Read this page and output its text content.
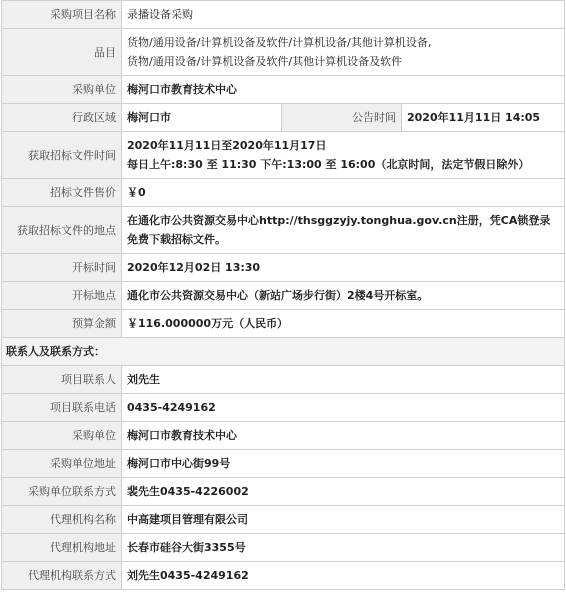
采购项目名称	录播设备采购		
品目	货物/通用设备/计算机设备及软件/计算机设备/其他计算机设备,
货物/通用设备/计算机设备及软件/其他计算机设备及软件		

采购单位	梅河口市教育技术中心		
行政区域	梅河口市	公告时间	2020年11月11日 14:05
获取招标文件时间	2020年11月11日至2020年11月17日
每日上午:8:30 至 11:30 下午:13:00 至 16:00（北京时间，法定节假日除外）		

招标文件售价	￥0		
获取招标文件的地点	在通化市公共资源交易中心http://thsggzyjy.tonghua.gov.cn注册，凭CA锁登录免费下载招标文件。		
开标时间	2020年12月02日 13:30		
开标地点	通化市公共资源交易中心（新站广场步行街）2楼4号开标室。		
预算金额	￥116.000000万元（人民币）		
联系人及联系方式：			
项目联系人	刘先生		
项目联系电话	0435-4249162		
采购单位	梅河口市教育技术中心		
采购单位地址	梅河口市中心街99号		
采购单位联系方式	裴先生0435-4226002		
代理机构名称	中高建项目管理有限公司		
代理机构地址	长春市硅谷大街3355号		
代理机构联系方式	刘先生0435-4249162		
